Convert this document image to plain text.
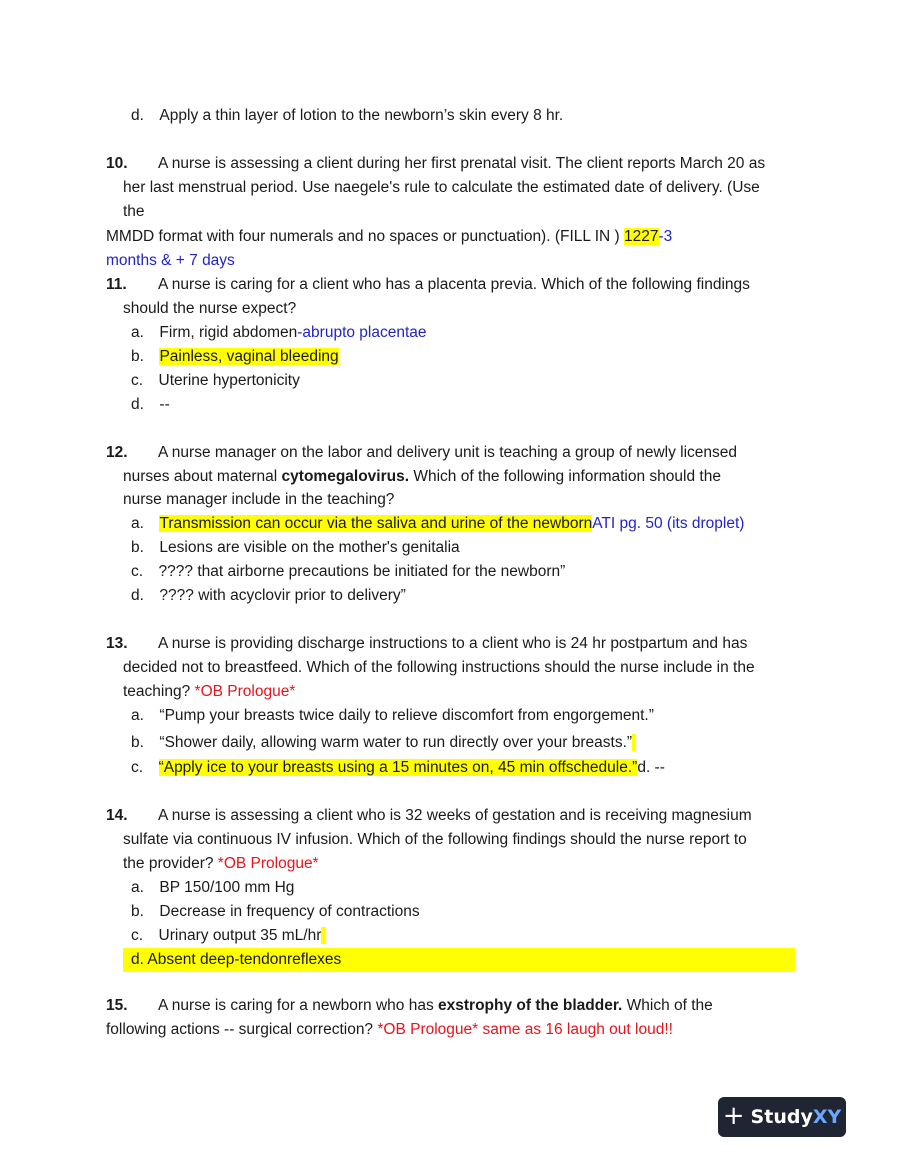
d. Apply a thin layer of lotion to the newborn’s skin every 8 hr.
10. A nurse is assessing a client during her first prenatal visit. The client reports March 20 as
her last menstrual period. Use naegele's rule to calculate the estimated date of delivery. (Use
the
MMDD format with four numerals and no spaces or punctuation). (FILL IN ) 1227-3
months & + 7 days
11. A nurse is caring for a client who has a placenta previa. Which of the following findings
should the nurse expect?
a. Firm, rigid abdomen-abrupto placentae
b. Painless, vaginal bleeding
c. Uterine hypertonicity
d. --
12. A nurse manager on the labor and delivery unit is teaching a group of newly licensed
nurses about maternal cytomegalovirus. Which of the following information should the
nurse manager include in the teaching?
a. Transmission can occur via the saliva and urine of the newbornATI pg. 50 (its droplet)
b. Lesions are visible on the mother's genitalia
c. ???? that airborne precautions be initiated for the newborn”
d. ???? with acyclovir prior to delivery”
13. A nurse is providing discharge instructions to a client who is 24 hr postpartum and has
decided not to breastfeed. Which of the following instructions should the nurse include in the
teaching? *OB Prologue*
a. “Pump your breasts twice daily to relieve discomfort from engorgement.”
b. “Shower daily, allowing warm water to run directly over your breasts.”
c. “Apply ice to your breasts using a 15 minutes on, 45 min offschedule.”d. --
14. A nurse is assessing a client who is 32 weeks of gestation and is receiving magnesium
sulfate via continuous IV infusion. Which of the following findings should the nurse report to
the provider? *OB Prologue*
a. BP 150/100 mm Hg
b. Decrease in frequency of contractions
c. Urinary output 35 mL/hr
d. Absent deep-tendonreflexes
15. A nurse is caring for a newborn who has exstrophy of the bladder. Which of the
following actions -- surgical correction? *OB Prologue* same as 16 laugh out loud!!
+ StudyXY
